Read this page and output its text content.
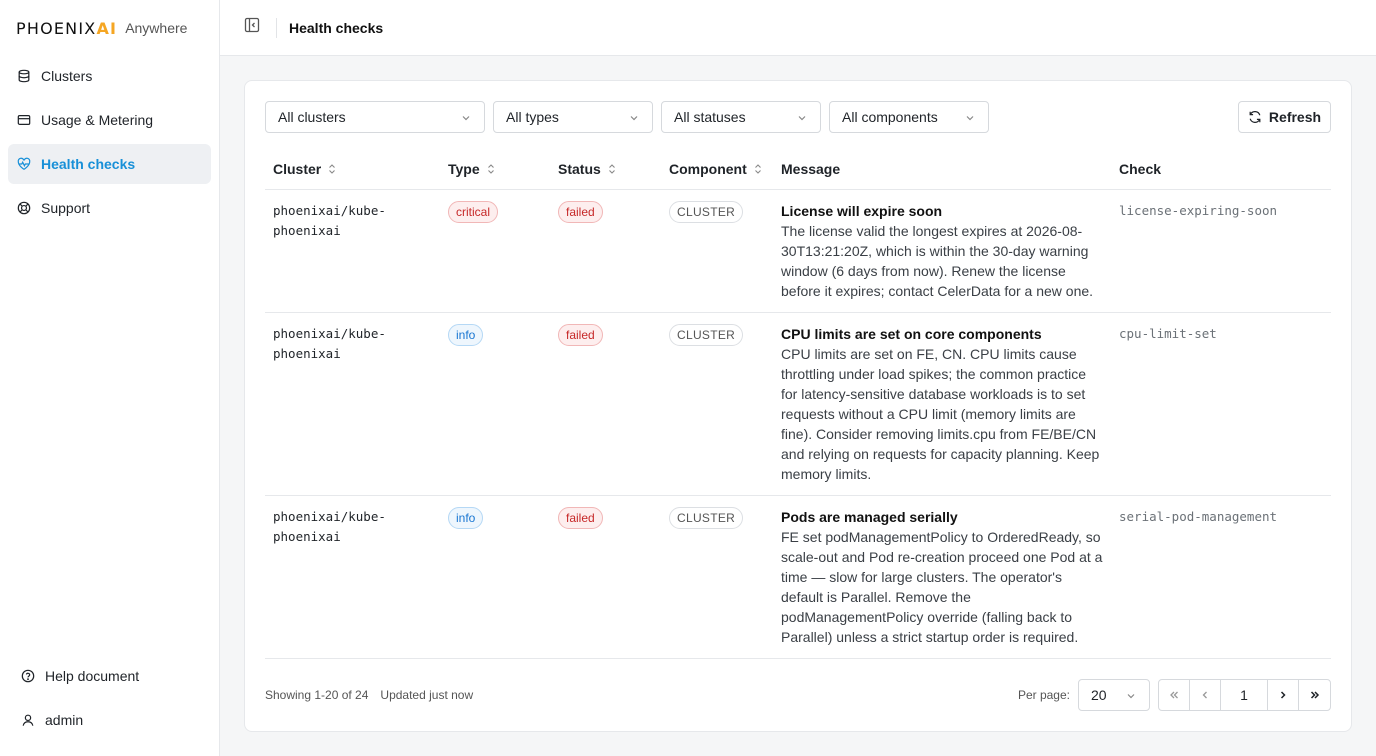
PHOENIXAI Anywhere
Clusters
Usage & Metering
Health checks
Support
Help document
admin
Health checks
All clusters	All types	All statuses	All components	Refresh
Cluster	Type	Status	Component	Message	Check
phoenixai/kube-phoenixai	critical	failed	CLUSTER	License will expire soon
The license valid the longest expires at 2026-08-30T13:21:20Z, which is within the 30-day warning window (6 days from now). Renew the license before it expires; contact CelerData for a new one.	license-expiring-soon
phoenixai/kube-phoenixai	info	failed	CLUSTER	CPU limits are set on core components
CPU limits are set on FE, CN. CPU limits cause throttling under load spikes; the common practice for latency-sensitive database workloads is to set requests without a CPU limit (memory limits are fine). Consider removing limits.cpu from FE/BE/CN and relying on requests for capacity planning. Keep memory limits.	cpu-limit-set
phoenixai/kube-phoenixai	info	failed	CLUSTER	Pods are managed serially
FE set podManagementPolicy to OrderedReady, so scale-out and Pod re-creation proceed one Pod at a time — slow for large clusters. The operator's default is Parallel. Remove the podManagementPolicy override (falling back to Parallel) unless a strict startup order is required.	serial-pod-management

Showing 1-20 of 24 Updated just now	Per page: 20	1
